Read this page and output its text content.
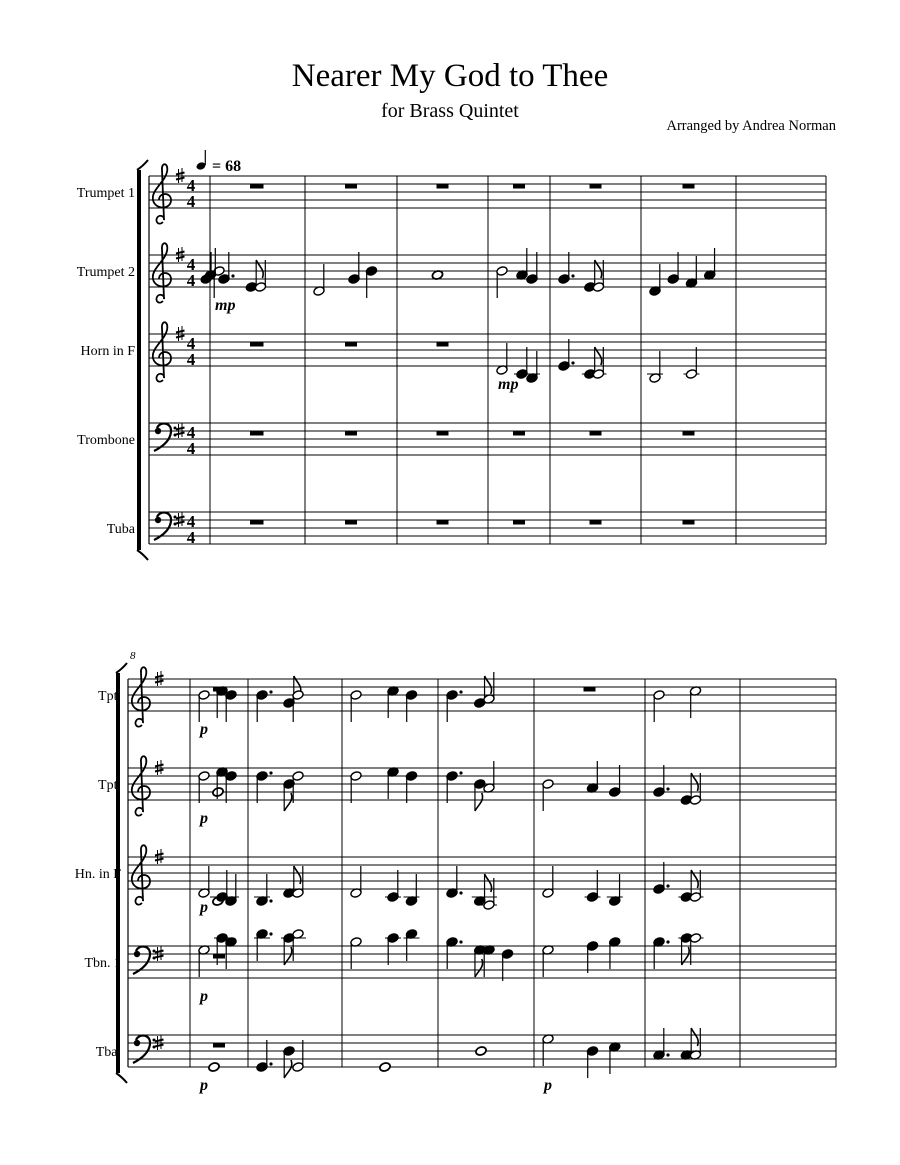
Nearer My God to Thee
for Brass Quintet
Arranged by Andrea Norman
= 68
Trumpet 1	4
4
Trumpet 2	4
4
mp
Horn in F	4
4
mp
Trombone	4
4
Tuba	4
4
8
Tpt.
p
Tpt.
p
Hn. in F
p
Tbn. 1
p
Tba.
p	p
